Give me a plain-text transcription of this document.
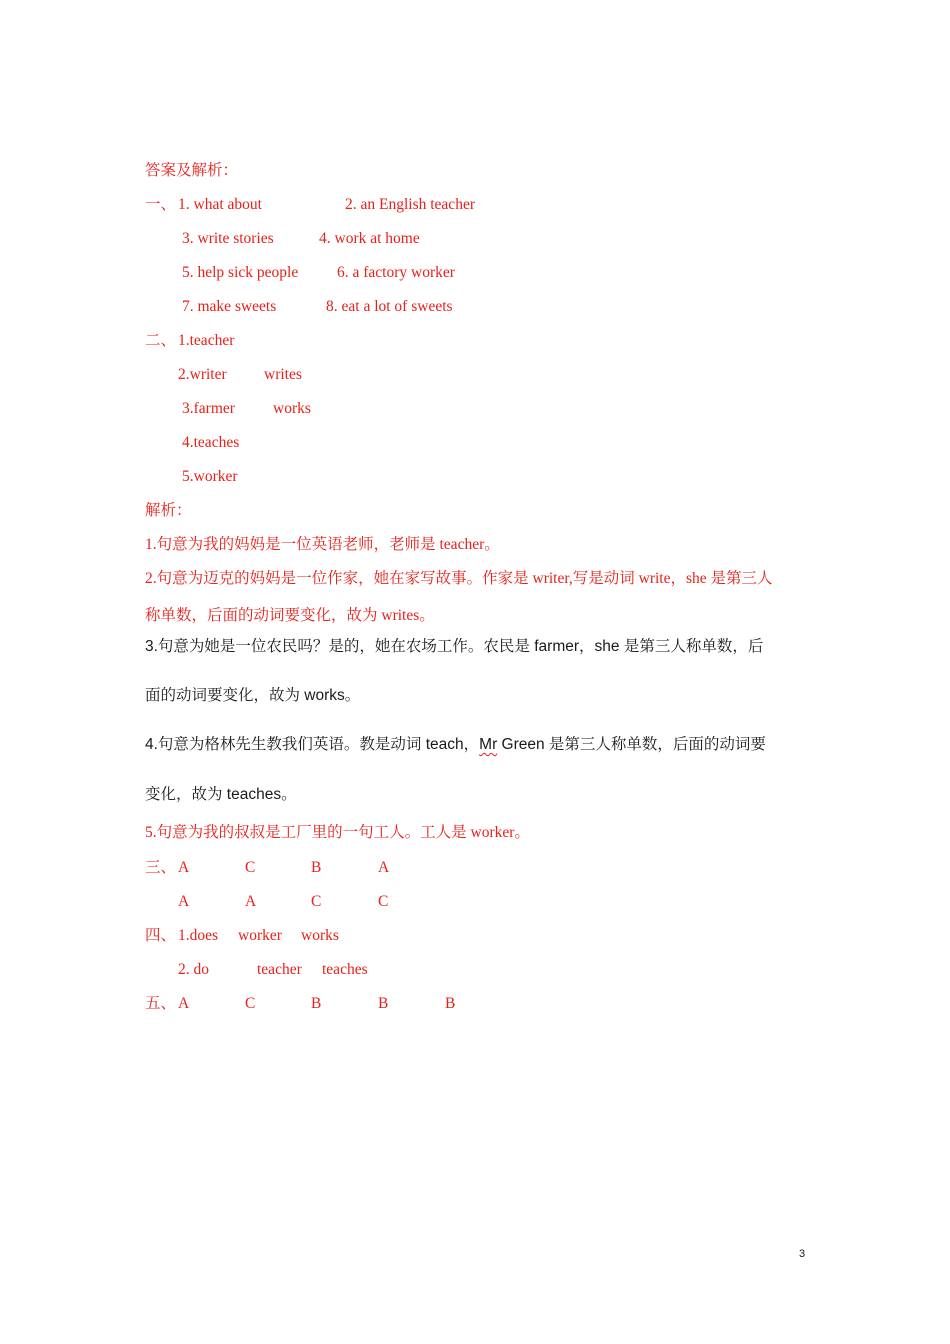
答案及解析：
一、 1. what about	2. an English teacher
3. write stories	4. work at home
5. help sick people	6. a factory worker
7. make sweets	8. eat a lot of sweets
二、 1.teacher
2.writer writes
3.farmer works
4.teaches
5.worker
解析：
1.句意为我的妈妈是一位英语老师，老师是 teacher。
2.句意为迈克的妈妈是一位作家，她在家写故事。作家是 writer,写是动词 write，she 是第三人
称单数，后面的动词要变化，故为 writes。
3.句意为她是一位农民吗？是的，她在农场工作。农民是 farmer，she 是第三人称单数，后
面的动词要变化，故为 works。
4.句意为格林先生教我们英语。教是动词 teach，Mr Green 是第三人称单数，后面的动词要
变化，故为 teaches。
5.句意为我的叔叔是工厂里的一句工人。工人是 worker。
三、 A	C	B	A
A	A	C	C
四、 1.does worker works
2. do	teacher teaches
五、 A	C	B	B	B
3
